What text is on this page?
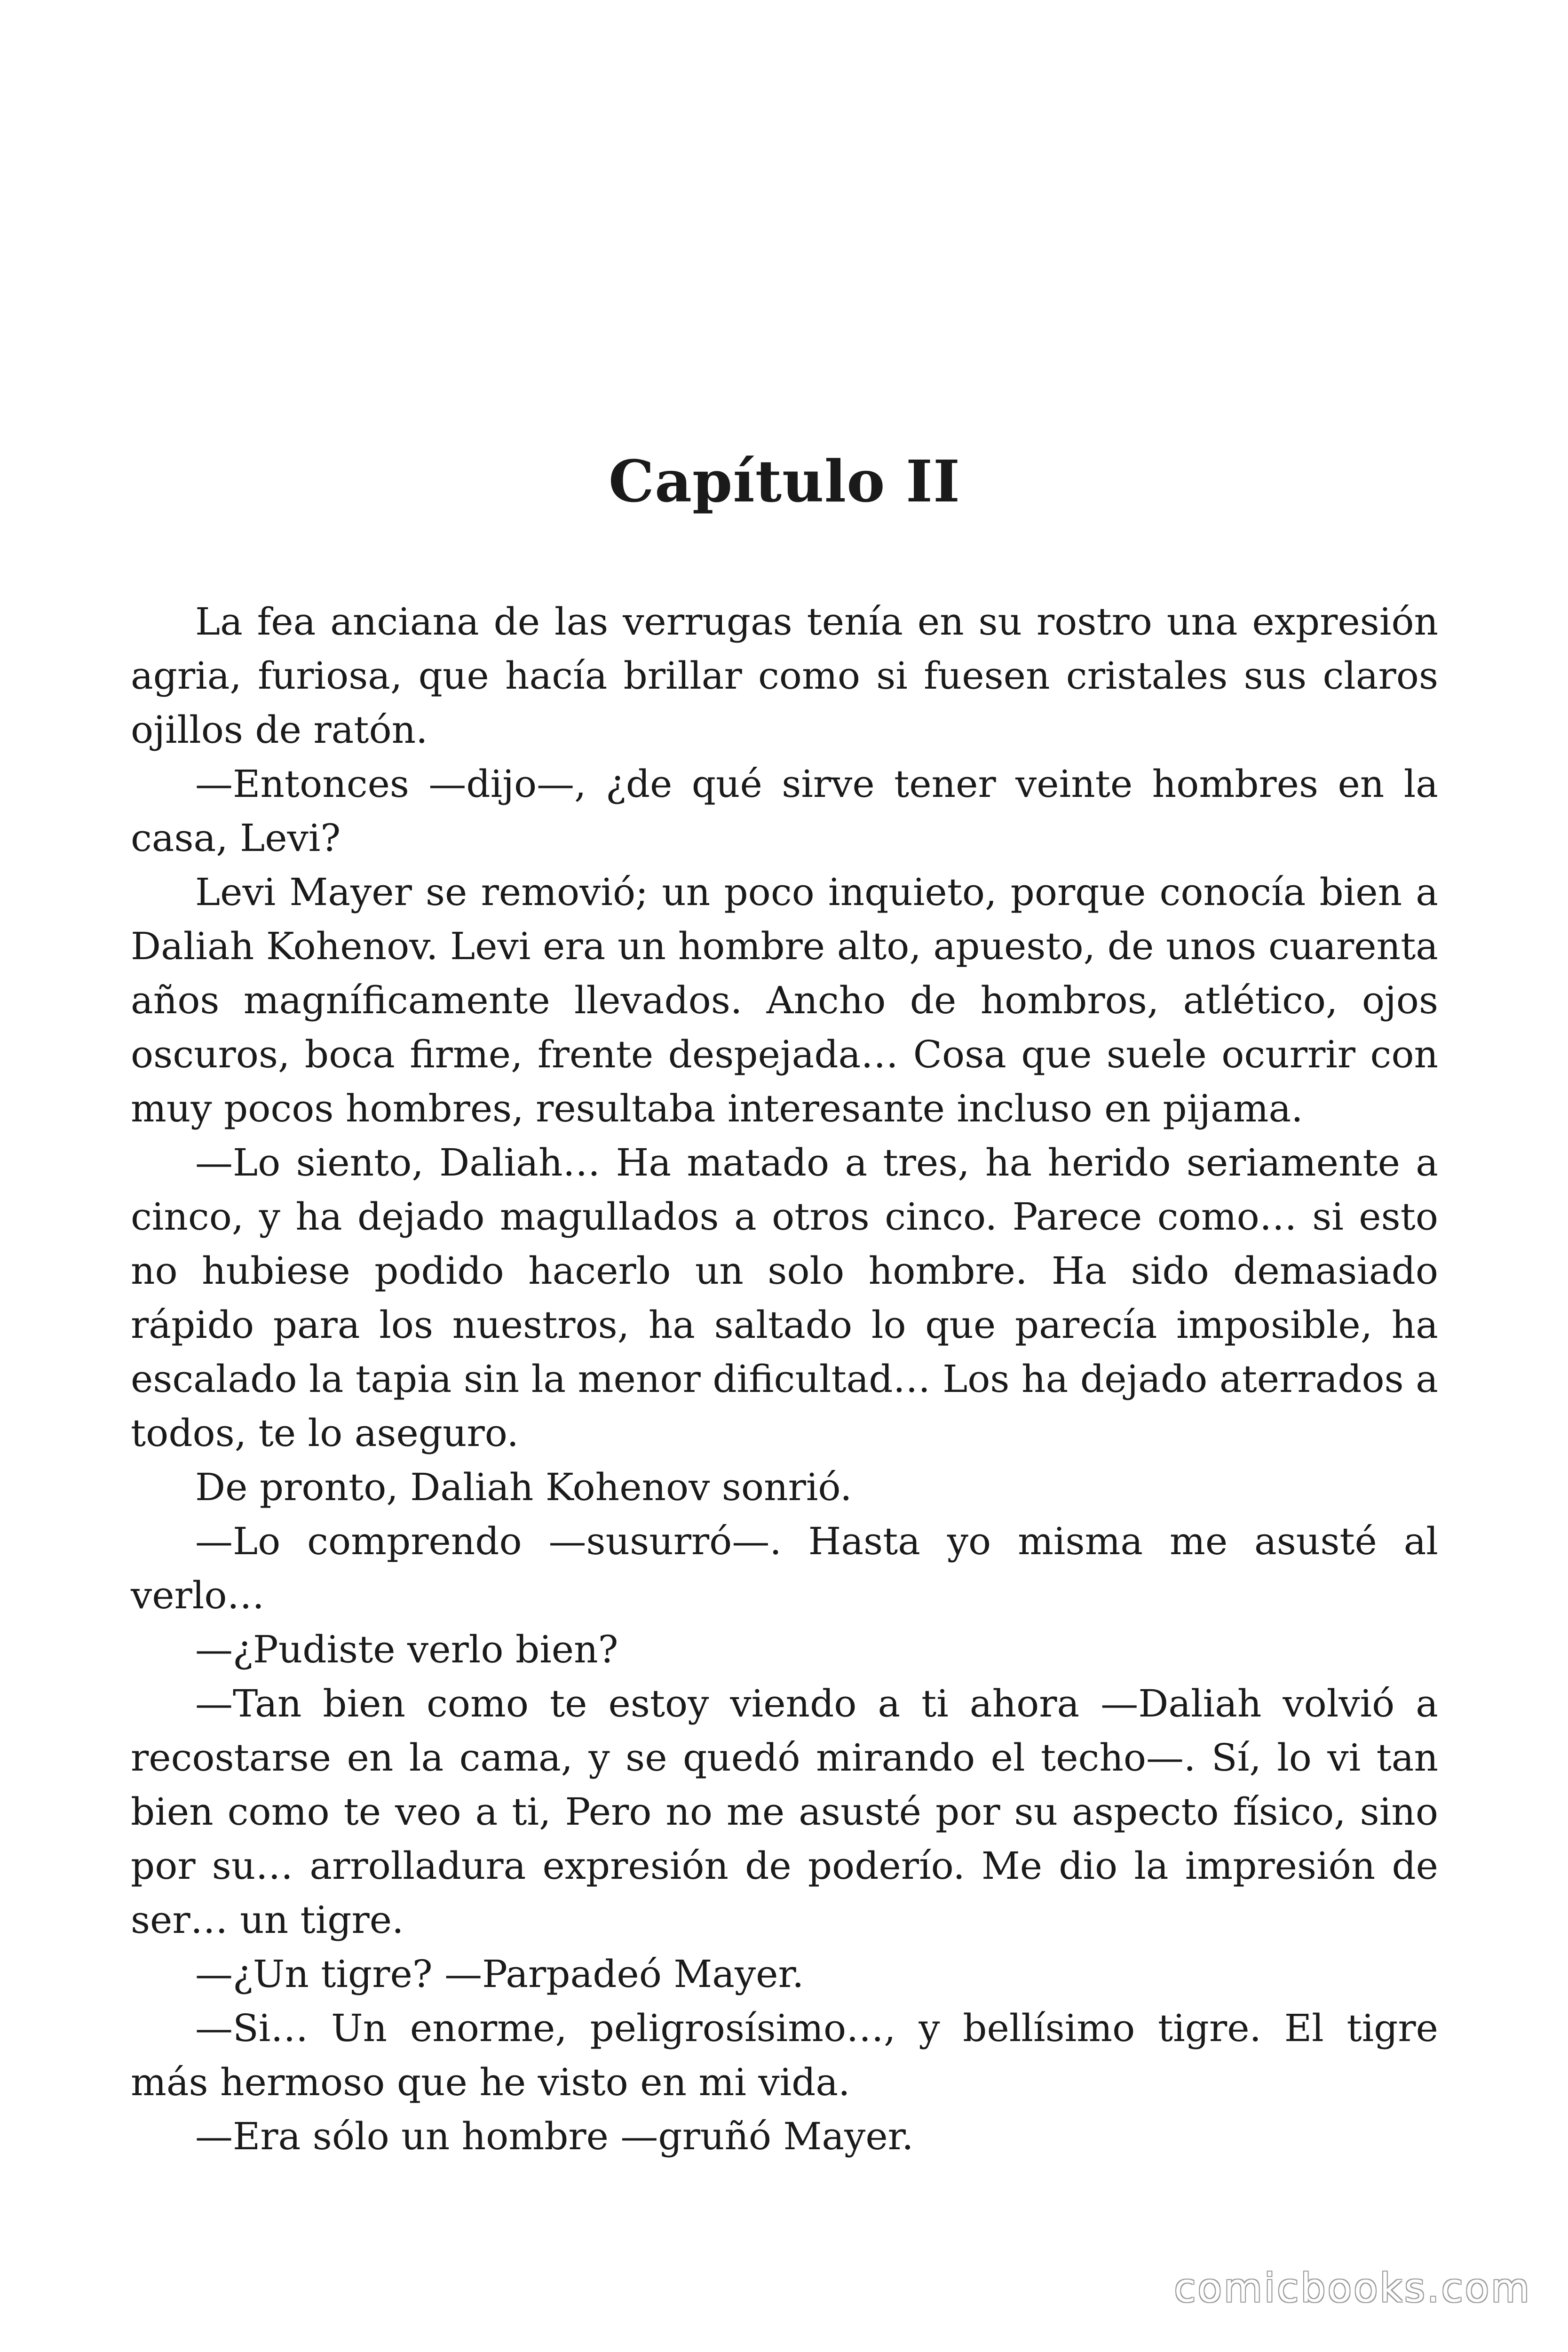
Capítulo II

La fea anciana de las verrugas tenía en su rostro una expresión agria, furiosa, que hacía brillar como si fuesen cristales sus claros ojillos de ratón.

—Entonces —dijo—, ¿de qué sirve tener veinte hombres en la casa, Levi?

Levi Mayer se removió; un poco inquieto, porque conocía bien a Daliah Kohenov. Levi era un hombre alto, apuesto, de unos cuarenta años magníficamente llevados. Ancho de hombros, atlético, ojos oscuros, boca firme, frente despejada… Cosa que suele ocurrir con muy pocos hombres, resultaba interesante incluso en pijama.

—Lo siento, Daliah… Ha matado a tres, ha herido seriamente a cinco, y ha dejado magullados a otros cinco. Parece como… si esto no hubiese podido hacerlo un solo hombre. Ha sido demasiado rápido para los nuestros, ha saltado lo que parecía imposible, ha escalado la tapia sin la menor dificultad… Los ha dejado aterrados a todos, te lo aseguro.

De pronto, Daliah Kohenov sonrió.

—Lo comprendo —susurró—. Hasta yo misma me asusté al verlo…

—¿Pudiste verlo bien?

—Tan bien como te estoy viendo a ti ahora —Daliah volvió a recostarse en la cama, y se quedó mirando el techo—. Sí, lo vi tan bien como te veo a ti, Pero no me asusté por su aspecto físico, sino por su… arrolladura expresión de poderío. Me dio la impresión de ser… un tigre.

—¿Un tigre? —Parpadeó Mayer.

—Si… Un enorme, peligrosísimo…, y bellísimo tigre. El tigre más hermoso que he visto en mi vida.

—Era sólo un hombre —gruñó Mayer.

comicbooks.com
